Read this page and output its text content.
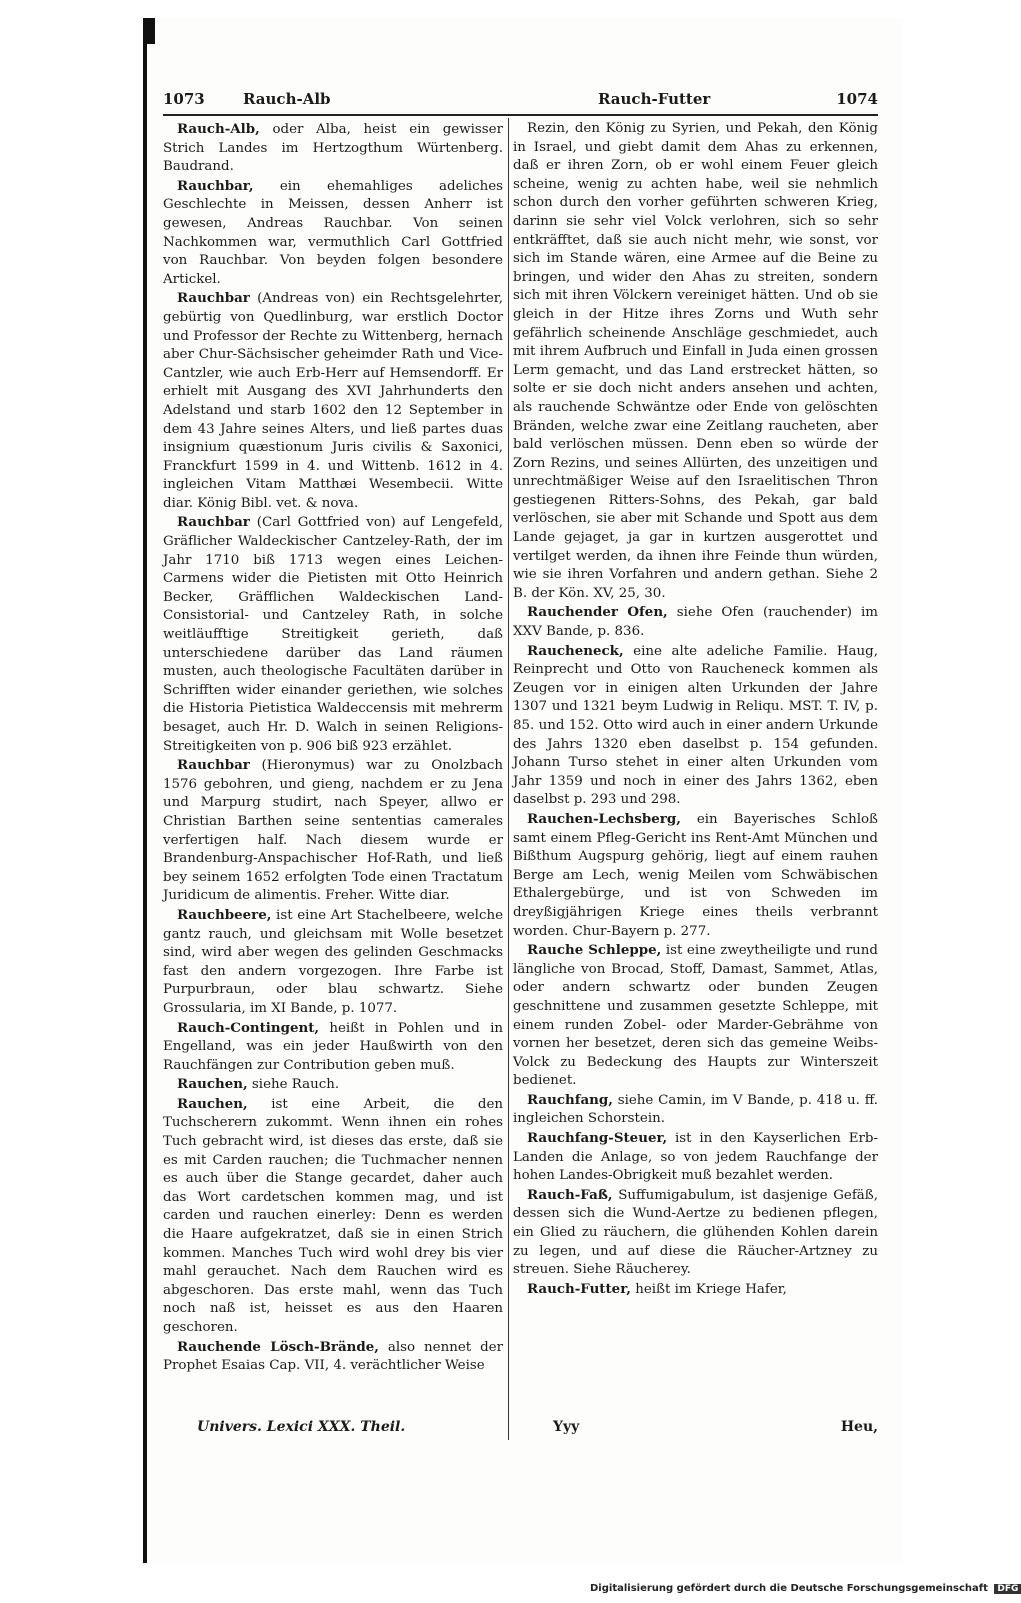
1073	Rauch-Alb	Rauch-Futter	1074

Rauch-Alb, oder Alba, heist ein gewisser Strich Landes im Hertzogthum Würtenberg. Baudrand.

Rauchbar, ein ehemahliges adeliches Geschlechte in Meissen, dessen Anherr ist gewesen, Andreas Rauchbar. Von seinen Nachkommen war, vermuthlich Carl Gottfried von Rauchbar. Von beyden folgen besondere Artickel.

Rauchbar (Andreas von) ein Rechtsgelehrter, gebürtig von Quedlinburg, war erstlich Doctor und Professor der Rechte zu Wittenberg, hernach aber Chur-Sächsischer geheimder Rath und Vice-Cantzler, wie auch Erb-Herr auf Hemsendorff. Er erhielt mit Ausgang des XVI Jahrhunderts den Adelstand und starb 1602 den 12 September in dem 43 Jahre seines Alters, und ließ partes duas insignium quæstionum Juris civilis & Saxonici, Franckfurt 1599 in 4. und Wittenb. 1612 in 4. ingleichen Vitam Matthæi Wesembecii. Witte diar. König Bibl. vet. & nova.

Rauchbar (Carl Gottfried von) auf Lengefeld, Gräflicher Waldeckischer Cantzeley-Rath, der im Jahr 1710 biß 1713 wegen eines Leichen-Carmens wider die Pietisten mit Otto Heinrich Becker, Gräfflichen Waldeckischen Land-Consistorial- und Cantzeley Rath, in solche weitläufftige Streitigkeit gerieth, daß unterschiedene darüber das Land räumen musten, auch theologische Facultäten darüber in Schrifften wider einander geriethen, wie solches die Historia Pietistica Waldeccensis mit mehrerm besaget, auch Hr. D. Walch in seinen Religions-Streitigkeiten von p. 906 biß 923 erzählet.

Rauchbar (Hieronymus) war zu Onolzbach 1576 gebohren, und gieng, nachdem er zu Jena und Marpurg studirt, nach Speyer, allwo er Christian Barthen seine sententias camerales verfertigen half. Nach diesem wurde er Brandenburg-Anspachischer Hof-Rath, und ließ bey seinem 1652 erfolgten Tode einen Tractatum Juridicum de alimentis. Freher. Witte diar.

Rauchbeere, ist eine Art Stachelbeere, welche gantz rauch, und gleichsam mit Wolle besetzet sind, wird aber wegen des gelinden Geschmacks fast den andern vorgezogen. Ihre Farbe ist Purpurbraun, oder blau schwartz. Siehe Grossularia, im XI Bande, p. 1077.

Rauch-Contingent, heißt in Pohlen und in Engelland, was ein jeder Haußwirth von den Rauchfängen zur Contribution geben muß.

Rauchen, siehe Rauch.

Rauchen, ist eine Arbeit, die den Tuchscherern zukommt. Wenn ihnen ein rohes Tuch gebracht wird, ist dieses das erste, daß sie es mit Carden rauchen; die Tuchmacher nennen es auch über die Stange gecardet, daher auch das Wort cardetschen kommen mag, und ist carden und rauchen einerley: Denn es werden die Haare aufgekratzet, daß sie in einen Strich kommen. Manches Tuch wird wohl drey bis vier mahl gerauchet. Nach dem Rauchen wird es abgeschoren. Das erste mahl, wenn das Tuch noch naß ist, heisset es aus den Haaren geschoren.

Rauchende Lösch-Brände, also nennet der Prophet Esaias Cap. VII, 4. verächtlicher Weise

Rezin, den König zu Syrien, und Pekah, den König in Israel, und giebt damit dem Ahas zu erkennen, daß er ihren Zorn, ob er wohl einem Feuer gleich scheine, wenig zu achten habe, weil sie nehmlich schon durch den vorher geführten schweren Krieg, darinn sie sehr viel Volck verlohren, sich so sehr entkräfftet, daß sie auch nicht mehr, wie sonst, vor sich im Stande wären, eine Armee auf die Beine zu bringen, und wider den Ahas zu streiten, sondern sich mit ihren Völckern vereiniget hätten. Und ob sie gleich in der Hitze ihres Zorns und Wuth sehr gefährlich scheinende Anschläge geschmiedet, auch mit ihrem Aufbruch und Einfall in Juda einen grossen Lerm gemacht, und das Land erstrecket hätten, so solte er sie doch nicht anders ansehen und achten, als rauchende Schwäntze oder Ende von gelöschten Bränden, welche zwar eine Zeitlang raucheten, aber bald verlöschen müssen. Denn eben so würde der Zorn Rezins, und seines Allürten, des unzeitigen und unrechtmäßiger Weise auf den Israelitischen Thron gestiegenen Ritters-Sohns, des Pekah, gar bald verlöschen, sie aber mit Schande und Spott aus dem Lande gejaget, ja gar in kurtzen ausgerottet und vertilget werden, da ihnen ihre Feinde thun würden, wie sie ihren Vorfahren und andern gethan. Siehe 2 B. der Kön. XV, 25, 30.

Rauchender Ofen, siehe Ofen (rauchender) im XXV Bande, p. 836.

Raucheneck, eine alte adeliche Familie. Haug, Reinprecht und Otto von Raucheneck kommen als Zeugen vor in einigen alten Urkunden der Jahre 1307 und 1321 beym Ludwig in Reliqu. MST. T. IV, p. 85. und 152. Otto wird auch in einer andern Urkunde des Jahrs 1320 eben daselbst p. 154 gefunden. Johann Turso stehet in einer alten Urkunden vom Jahr 1359 und noch in einer des Jahrs 1362, eben daselbst p. 293 und 298.

Rauchen-Lechsberg, ein Bayerisches Schloß samt einem Pfleg-Gericht ins Rent-Amt München und Bißthum Augspurg gehörig, liegt auf einem rauhen Berge am Lech, wenig Meilen vom Schwäbischen Ethalergebürge, und ist von Schweden im dreyßigjährigen Kriege eines theils verbrannt worden. Chur-Bayern p. 277.

Rauche Schleppe, ist eine zweytheiligte und rund längliche von Brocad, Stoff, Damast, Sammet, Atlas, oder andern schwartz oder bunden Zeugen geschnittene und zusammen gesetzte Schleppe, mit einem runden Zobel- oder Marder-Gebrähme von vornen her besetzet, deren sich das gemeine Weibs-Volck zu Bedeckung des Haupts zur Winterszeit bedienet.

Rauchfang, siehe Camin, im V Bande, p. 418 u. ff. ingleichen Schorstein.

Rauchfang-Steuer, ist in den Kayserlichen Erb-Landen die Anlage, so von jedem Rauchfange der hohen Landes-Obrigkeit muß bezahlet werden.

Rauch-Faß, Suffumigabulum, ist dasjenige Gefäß, dessen sich die Wund-Aertze zu bedienen pflegen, ein Glied zu räuchern, die glühenden Kohlen darein zu legen, und auf diese die Räucher-Artzney zu streuen. Siehe Räucherey.

Rauch-Futter, heißt im Kriege Hafer,

Univers. Lexici XXX. Theil.	Yyy	Heu,
Digitalisierung gefördert durch die Deutsche Forschungsgemeinschaft DFG
